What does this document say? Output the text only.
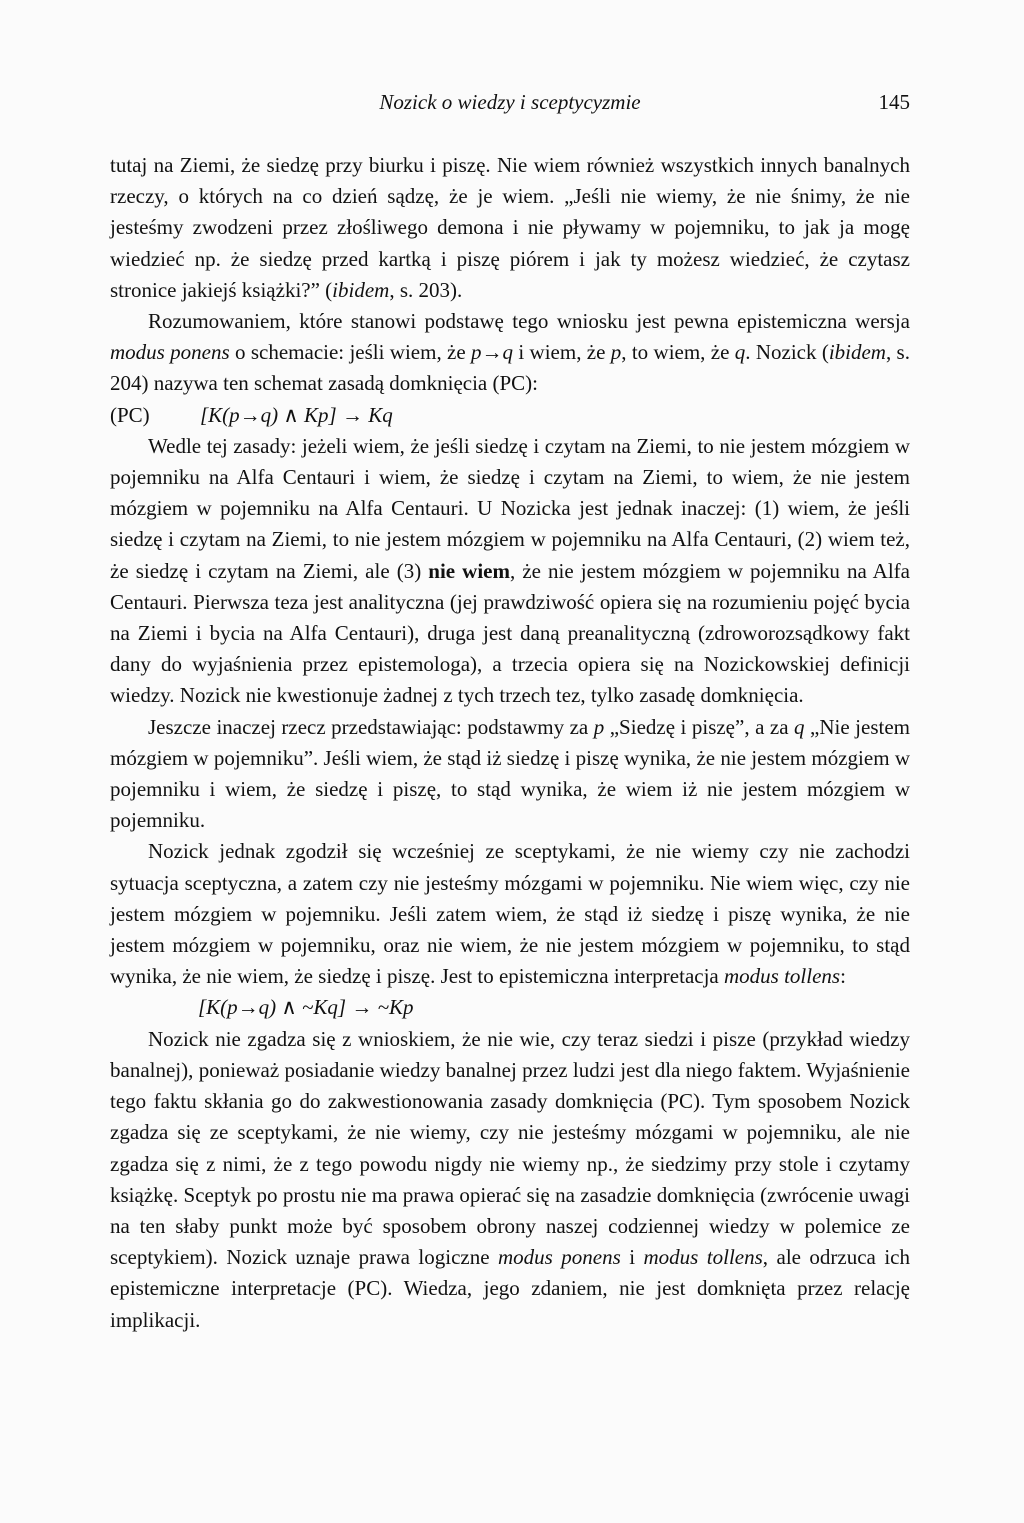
Nozick o wiedzy i sceptycyzmie	145

tutaj na Ziemi, że siedzę przy biurku i piszę. Nie wiem również wszystkich innych banalnych rzeczy, o których na co dzień sądzę, że je wiem. „Jeśli nie wiemy, że nie śnimy, że nie jesteśmy zwodzeni przez złośliwego demona i nie pływamy w pojemniku, to jak ja mogę wiedzieć np. że siedzę przed kartką i piszę piórem i jak ty możesz wiedzieć, że czytasz stronice jakiejś książki?” (ibidem, s. 203).

Rozumowaniem, które stanowi podstawę tego wniosku jest pewna epistemiczna wersja modus ponens o schemacie: jeśli wiem, że p→q i wiem, że p, to wiem, że q. Nozick (ibidem, s. 204) nazywa ten schemat zasadą domknięcia (PC):

(PC) [K(p→q) ∧ Kp] → Kq

Wedle tej zasady: jeżeli wiem, że jeśli siedzę i czytam na Ziemi, to nie jestem mózgiem w pojemniku na Alfa Centauri i wiem, że siedzę i czytam na Ziemi, to wiem, że nie jestem mózgiem w pojemniku na Alfa Centauri. U Nozicka jest jednak inaczej: (1) wiem, że jeśli siedzę i czytam na Ziemi, to nie jestem mózgiem w pojemniku na Alfa Centauri, (2) wiem też, że siedzę i czytam na Ziemi, ale (3) nie wiem, że nie jestem mózgiem w pojemniku na Alfa Centauri. Pierwsza teza jest analityczna (jej prawdziwość opiera się na rozumieniu pojęć bycia na Ziemi i bycia na Alfa Centauri), druga jest daną preanalityczną (zdroworozsądkowy fakt dany do wyjaśnienia przez epistemologa), a trzecia opiera się na Nozickowskiej definicji wiedzy. Nozick nie kwestionuje żadnej z tych trzech tez, tylko zasadę domknięcia.

Jeszcze inaczej rzecz przedstawiając: podstawmy za p „Siedzę i piszę”, a za q „Nie jestem mózgiem w pojemniku”. Jeśli wiem, że stąd iż siedzę i piszę wynika, że nie jestem mózgiem w pojemniku i wiem, że siedzę i piszę, to stąd wynika, że wiem iż nie jestem mózgiem w pojemniku.

Nozick jednak zgodził się wcześniej ze sceptykami, że nie wiemy czy nie zachodzi sytuacja sceptyczna, a zatem czy nie jesteśmy mózgami w pojemniku. Nie wiem więc, czy nie jestem mózgiem w pojemniku. Jeśli zatem wiem, że stąd iż siedzę i piszę wynika, że nie jestem mózgiem w pojemniku, oraz nie wiem, że nie jestem mózgiem w pojemniku, to stąd wynika, że nie wiem, że siedzę i piszę. Jest to epistemiczna interpretacja modus tollens:

[K(p→q) ∧ ~Kq] → ~Kp

Nozick nie zgadza się z wnioskiem, że nie wie, czy teraz siedzi i pisze (przykład wiedzy banalnej), ponieważ posiadanie wiedzy banalnej przez ludzi jest dla niego faktem. Wyjaśnienie tego faktu skłania go do zakwestionowania zasady domknięcia (PC). Tym sposobem Nozick zgadza się ze sceptykami, że nie wiemy, czy nie jesteśmy mózgami w pojemniku, ale nie zgadza się z nimi, że z tego powodu nigdy nie wiemy np., że siedzimy przy stole i czytamy książkę. Sceptyk po prostu nie ma prawa opierać się na zasadzie domknięcia (zwrócenie uwagi na ten słaby punkt może być sposobem obrony naszej codziennej wiedzy w polemice ze sceptykiem). Nozick uznaje prawa logiczne modus ponens i modus tollens, ale odrzuca ich epistemiczne interpretacje (PC). Wiedza, jego zdaniem, nie jest domknięta przez relację implikacji.
